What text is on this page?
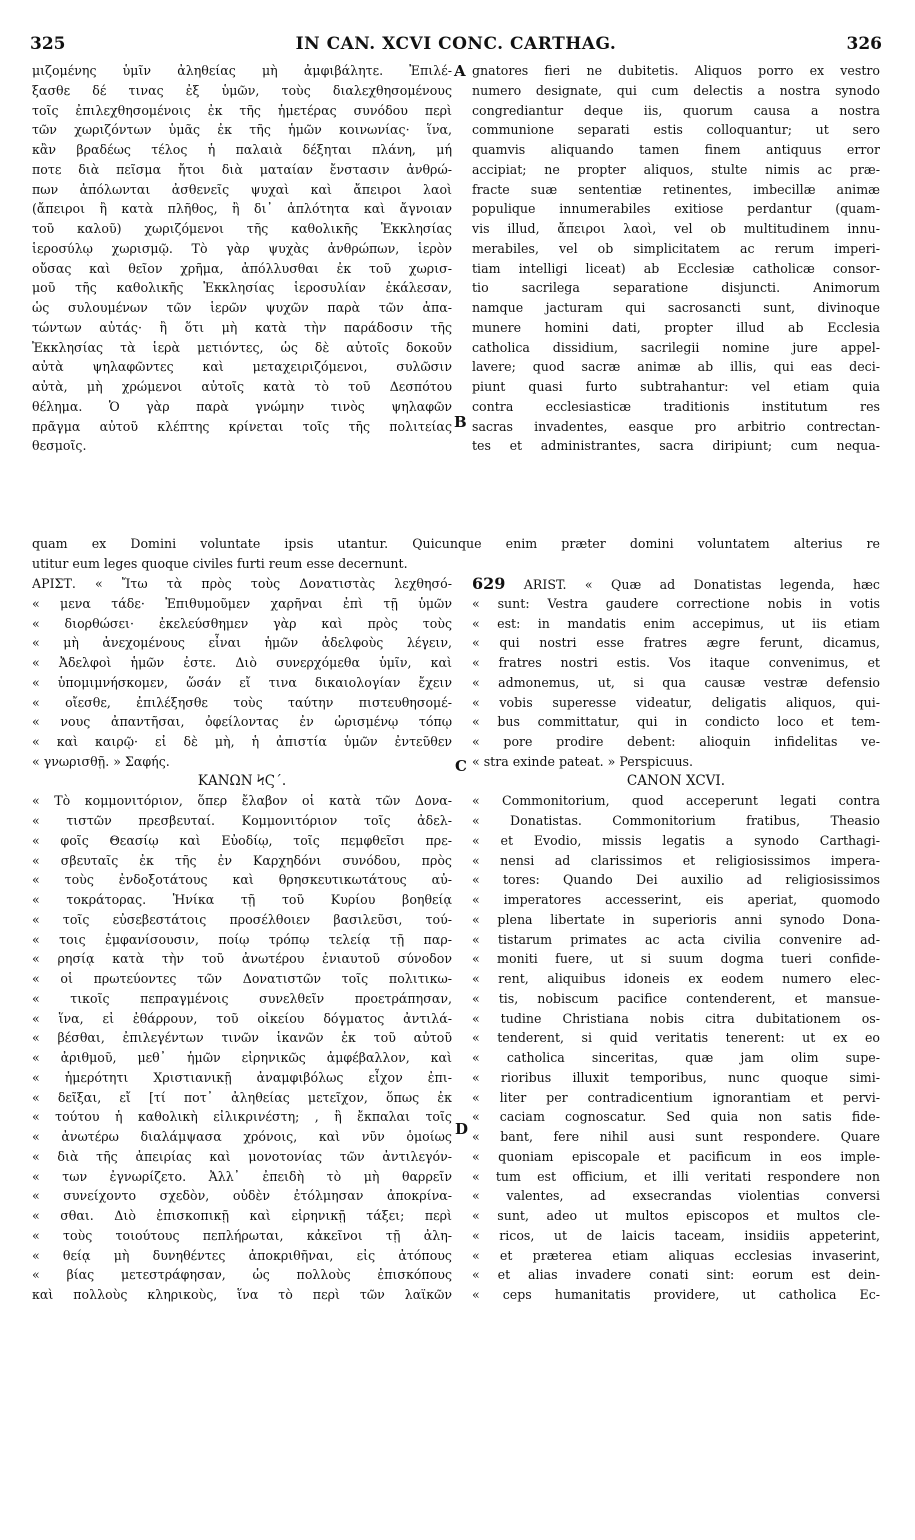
325	IN CAN. XCVI CONC. CARTHAG.	326
A
B
C
D
μιζομένης ὑμῖν ἀληθείας μὴ ἀμφιβάλητε. Ἐπιλέ-
ξασθε δέ τινας ἐξ ὑμῶν, τοὺς διαλεχθησομένους
τοῖς ἐπιλεχθησομένοις ἐκ τῆς ἡμετέρας συνόδου περὶ
τῶν χωριζόντων ὑμᾶς ἐκ τῆς ἡμῶν κοινωνίας· ἵνα,
κἂν βραδέως τέλος ἡ παλαιὰ δέξηται πλάνη, μή
ποτε διὰ πεῖσμα ἤτοι διὰ ματαίαν ἔνστασιν ἀνθρώ-
πων ἀπόλωνται ἀσθενεῖς ψυχαὶ καὶ ἄπειροι λαοὶ
(ἄπειροι ἢ κατὰ πλῆθος, ἢ δι᾽ ἁπλότητα καὶ ἄγνοιαν
τοῦ καλοῦ) χωριζόμενοι τῆς καθολικῆς Ἐκκλησίας
ἱεροσύλῳ χωρισμῷ. Τὸ γὰρ ψυχὰς ἀνθρώπων, ἱερὸν
οὔσας καὶ θεῖον χρῆμα, ἀπόλλυσθαι ἐκ τοῦ χωρισ-
μοῦ τῆς καθολικῆς Ἐκκλησίας ἱεροσυλίαν ἐκάλεσαν,
ὡς συλουμένων τῶν ἱερῶν ψυχῶν παρὰ τῶν ἀπα-
τώντων αὐτάς· ἢ ὅτι μὴ κατὰ τὴν παράδοσιν τῆς
Ἐκκλησίας τὰ ἱερὰ μετιόντες, ὡς δὲ αὐτοῖς δοκοῦν
αὐτὰ ψηλαφῶντες καὶ μεταχειριζόμενοι, συλῶσιν
αὐτὰ, μὴ χρώμενοι αὐτοῖς κατὰ τὸ τοῦ Δεσπότου
θέλημα. Ὁ γὰρ παρὰ γνώμην τινὸς ψηλαφῶν
πρᾶγμα αὐτοῦ κλέπτης κρίνεται τοῖς τῆς πολιτείας
θεσμοῖς.
gnatores fieri ne dubitetis. Aliquos porro ex vestro
numero designate, qui cum delectis a nostra synodo
congrediantur deque iis, quorum causa a nostra
communione separati estis colloquantur; ut sero
quamvis aliquando tamen finem antiquus error
accipiat; ne propter aliquos, stulte nimis ac præ-
fracte suæ sententiæ retinentes, imbecillæ animæ
populique innumerabiles exitiose perdantur (quam-
vis illud, ἄπειροι λαοὶ, vel ob multitudinem innu-
merabiles, vel ob simplicitatem ac rerum imperi-
tiam intelligi liceat) ab Ecclesiæ catholicæ consor-
tio sacrilega separatione disjuncti. Animorum
namque jacturam qui sacrosancti sunt, divinoque
munere homini dati, propter illud ab Ecclesia
catholica dissidium, sacrilegii nomine jure appel-
lavere; quod sacræ animæ ab illis, qui eas deci-
piunt quasi furto subtrahantur: vel etiam quia
contra ecclesiasticæ traditionis institutum res
sacras invadentes, easque pro arbitrio contrectan-
tes et administrantes, sacra diripiunt; cum nequa-
quam ex Domini voluntate ipsis utantur. Quicunque enim præter domini voluntatem alterius re
utitur eum leges quoque civiles furti reum esse decernunt.
ΑΡΙΣΤ. « Ἴτω τὰ πρὸς τοὺς Δονατιστὰς λεχθησό-
« μενα τάδε· Ἐπιθυμοῦμεν χαρῆναι ἐπὶ τῇ ὑμῶν
« διορθώσει· ἐκελεύσθημεν γὰρ καὶ πρὸς τοὺς
« μὴ ἀνεχομένους εἶναι ἡμῶν ἀδελφοὺς λέγειν,
« Ἀδελφοὶ ἡμῶν ἐστε. Διὸ συνερχόμεθα ὑμῖν, καὶ
« ὑπομιμνήσκομεν, ὥσάν εἴ τινα δικαιολογίαν ἔχειν
« οἴεσθε, ἐπιλέξησθε τοὺς ταύτην πιστευθησομέ-
« νους ἀπαντῆσαι, ὀφείλοντας ἐν ὡρισμένῳ τόπῳ
« καὶ καιρῷ· εἰ δὲ μὴ, ἡ ἀπιστία ὑμῶν ἐντεῦθεν
« γνωρισθῇ. » Σαφής.
ΚΑΝΩΝ ϞϚ΄.
« Τὸ κομμονιτόριον, ὅπερ ἔλαβον οἱ κατὰ τῶν Δονα-
« τιστῶν πρεσβευταί. Κομμονιτόριον τοῖς ἀδελ-
« φοῖς Θεασίῳ καὶ Εὐοδίῳ, τοῖς πεμφθεῖσι πρε-
« σβευταῖς ἐκ τῆς ἐν Καρχηδόνι συνόδου, πρὸς
« τοὺς ἐνδοξοτάτους καὶ θρησκευτικωτάτους αὐ-
« τοκράτορας. Ἡνίκα τῇ τοῦ Κυρίου βοηθείᾳ
« τοῖς εὐσεβεστάτοις προσέλθοιεν βασιλεῦσι, τού-
« τοις ἐμφανίσουσιν, ποίῳ τρόπῳ τελείᾳ τῇ παρ-
« ρησίᾳ κατὰ τὴν τοῦ ἀνωτέρου ἐνιαυτοῦ σύνοδον
« οἱ πρωτεύοντες τῶν Δονατιστῶν τοῖς πολιτικω-
« τικοῖς πεπραγμένοις συνελθεῖν προετράπησαν,
« ἵνα, εἰ ἐθάρρουν, τοῦ οἰκείου δόγματος ἀντιλά-
« βέσθαι, ἐπιλεγέντων τινῶν ἱκανῶν ἐκ τοῦ αὐτοῦ
« ἀριθμοῦ, μεθ᾽ ἡμῶν εἰρηνικῶς ἀμφέβαλλον, καὶ
« ἡμερότητι Χριστιανικῇ ἀναμφιβόλως εἶχον ἐπι-
« δεῖξαι, εἴ [τί ποτ᾽ ἀληθείας μετεῖχον, ὅπως ἐκ
« τούτου ἡ καθολικὴ εἰλικρινέστη; , ἣ ἔκπαλαι τοῖς
« ἀνωτέρω διαλάμψασα χρόνοις, καὶ νῦν ὁμοίως
« διὰ τῆς ἀπειρίας καὶ μονοτονίας τῶν ἀντιλεγόν-
« των ἐγνωρίζετο. Ἀλλ᾽ ἐπειδὴ τὸ μὴ θαρρεῖν
« συνείχοντο σχεδὸν, οὐδὲν ἐτόλμησαν ἀποκρίνα-
« σθαι. Διὸ ἐπισκοπικῇ καὶ εἰρηνικῇ τάξει; περὶ
« τοὺς τοιούτους πεπλήρωται, κἀκεῖνοι τῇ ἀλη-
« θείᾳ μὴ δυνηθέντες ἀποκριθῆναι, εἰς ἀτόπους
« βίας μετεστράφησαν, ὡς πολλοὺς ἐπισκόπους
καὶ πολλοὺς κληρικοὺς, ἵνα τὸ περὶ τῶν λαϊκῶν
629 ARIST. « Quæ ad Donatistas legenda, hæc
« sunt: Vestra gaudere correctione nobis in votis
« est: in mandatis enim accepimus, ut iis etiam
« qui nostri esse fratres ægre ferunt, dicamus,
« fratres nostri estis. Vos itaque convenimus, et
« admonemus, ut, si qua causæ vestræ defensio
« vobis superesse videatur, deligatis aliquos, qui-
« bus committatur, qui in condicto loco et tem-
« pore prodire debent: alioquin infidelitas ve-
« stra exinde pateat. » Perspicuus.
CANON XCVI.
« Commonitorium, quod acceperunt legati contra
« Donatistas. Commonitorium fratibus, Theasio
« et Evodio, missis legatis a synodo Carthagi-
« nensi ad clarissimos et religiosissimos impera-
« tores: Quando Dei auxilio ad religiosissimos
« imperatores accesserint, eis aperiat, quomodo
« plena libertate in superioris anni synodo Dona-
« tistarum primates ac acta civilia convenire ad-
« moniti fuere, ut si suum dogma tueri confide-
« rent, aliquibus idoneis ex eodem numero elec-
« tis, nobiscum pacifice contenderent, et mansue-
« tudine Christiana nobis citra dubitationem os-
« tenderent, si quid veritatis tenerent: ut ex eo
« catholica sinceritas, quæ jam olim supe-
« rioribus illuxit temporibus, nunc quoque simi-
« liter per contradicentium ignorantiam et pervi-
« caciam cognoscatur. Sed quia non satis fide-
« bant, fere nihil ausi sunt respondere. Quare
« quoniam episcopale et pacificum in eos imple-
« tum est officium, et illi veritati respondere non
« valentes, ad exsecrandas violentias conversi
« sunt, adeo ut multos episcopos et multos cle-
« ricos, ut de laicis taceam, insidiis appeterint,
« et præterea etiam aliquas ecclesias invaserint,
« et alias invadere conati sint: eorum est dein-
« ceps humanitatis providere, ut catholica Ec-
